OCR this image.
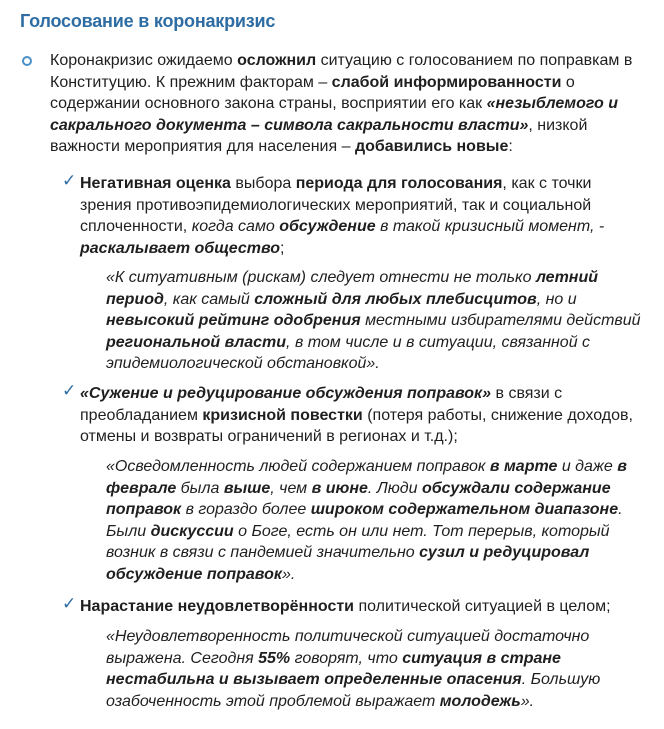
Голосование в коронакризис
Коронакризис ожидаемо осложнил ситуацию с голосованием по поправкам в Конституцию. К прежним факторам – слабой информированности о содержании основного закона страны, восприятии его как «незыблемого и сакрального документа – символа сакральности власти», низкой важности мероприятия для населения – добавились новые:
✓ Негативная оценка выбора периода для голосования, как с точки зрения противоэпидемиологических мероприятий, так и социальной сплоченности, когда само обсуждение в такой кризисный момент, - раскалывает общество;
«К ситуативным (рискам) следует отнести не только летний период, как самый сложный для любых плебисцитов, но и невысокий рейтинг одобрения местными избирателями действий региональной власти, в том числе и в ситуации, связанной с эпидемиологической обстановкой».
✓ «Сужение и редуцирование обсуждения поправок» в связи с преобладанием кризисной повестки (потеря работы, снижение доходов, отмены и возвраты ограничений в регионах и т.д.);
«Осведомленность людей содержанием поправок в марте и даже в феврале была выше, чем в июне. Люди обсуждали содержание поправок в гораздо более широком содержательном диапазоне. Были дискуссии о Боге, есть он или нет. Тот перерыв, который возник в связи с пандемией значительно сузил и редуцировал обсуждение поправок».
✓ Нарастание неудовлетворённости политической ситуацией в целом;
«Неудовлетворенность политической ситуацией достаточно выражена. Сегодня 55% говорят, что ситуация в стране нестабильна и вызывает определенные опасения. Большую озабоченность этой проблемой выражает молодежь».
